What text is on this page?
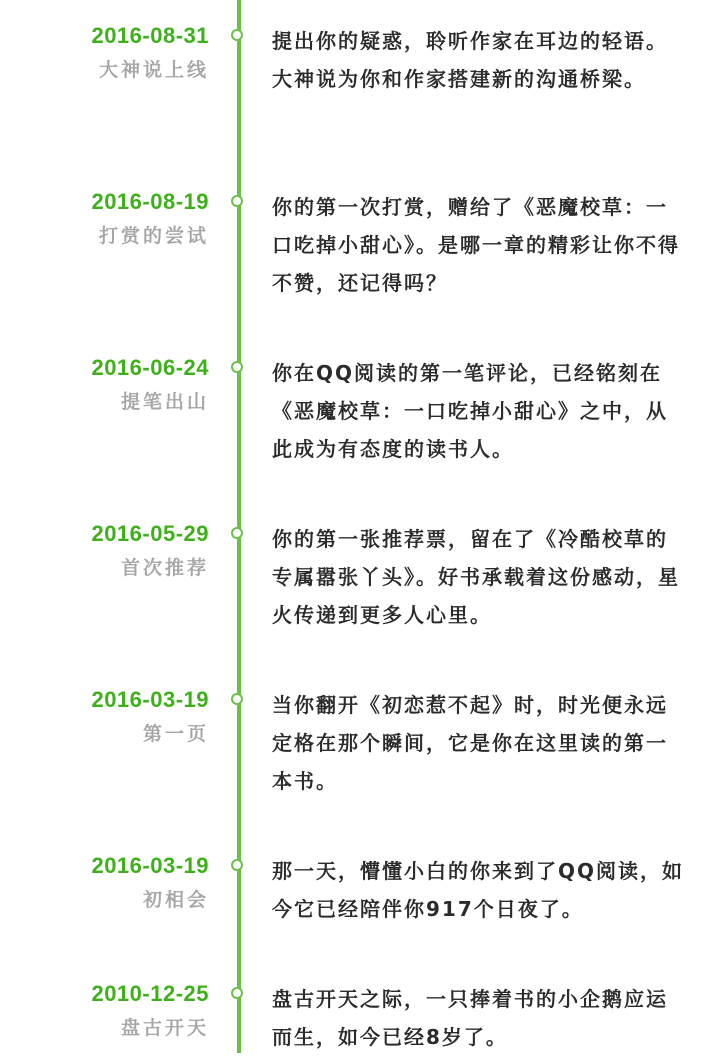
2016-08-31
大神说上线
提出你的疑惑，聆听作家在耳边的轻语。大神说为你和作家搭建新的沟通桥梁。
2016-08-19
打赏的尝试
你的第一次打赏，赠给了《恶魔校草：一口吃掉小甜心》。是哪一章的精彩让你不得不赞，还记得吗？
2016-06-24
提笔出山
你在QQ阅读的第一笔评论，已经铭刻在《恶魔校草：一口吃掉小甜心》之中，从此成为有态度的读书人。
2016-05-29
首次推荐
你的第一张推荐票，留在了《冷酷校草的专属嚣张丫头》。好书承载着这份感动，星火传递到更多人心里。
2016-03-19
第一页
当你翻开《初恋惹不起》时，时光便永远定格在那个瞬间，它是你在这里读的第一本书。
2016-03-19
初相会
那一天，懵懂小白的你来到了QQ阅读，如今它已经陪伴你917个日夜了。
2010-12-25
盘古开天
盘古开天之际，一只捧着书的小企鹅应运而生，如今已经8岁了。
